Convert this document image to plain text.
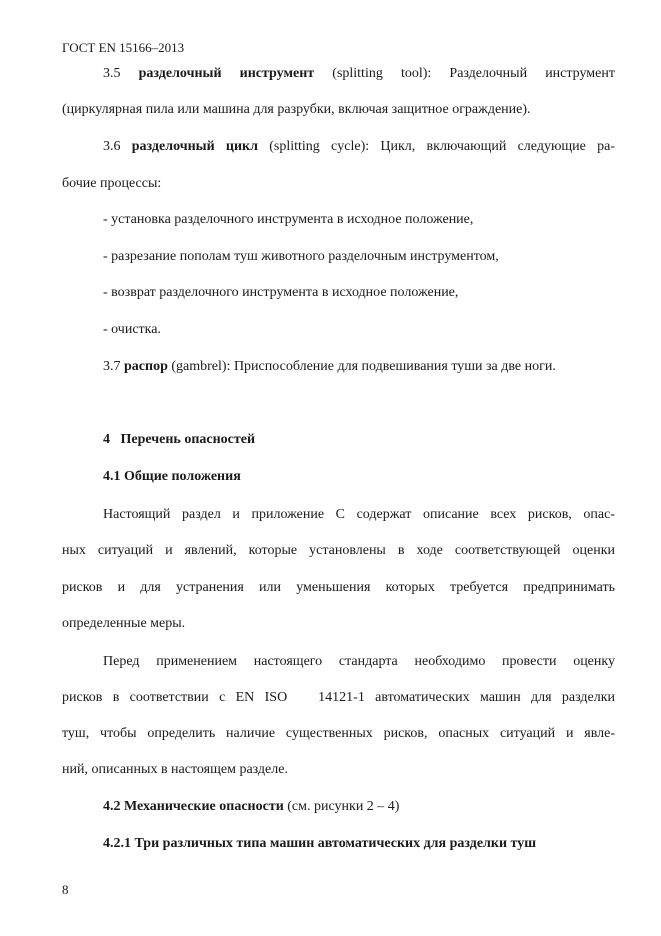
ГОСТ EN 15166–2013
3.5 разделочный инструмент (splitting tool): Разделочный инструмент
(циркулярная пила или машина для разрубки, включая защитное ограждение).
3.6 разделочный цикл (splitting cycle): Цикл, включающий следующие ра-
бочие процессы:
- установка разделочного инструмента в исходное положение,
- разрезание пополам туш животного разделочным инструментом,
- возврат разделочного инструмента в исходное положение,
- очистка.
3.7 распор (gambrel): Приспособление для подвешивания туши за две ноги.
4   Перечень опасностей
4.1 Общие положения
Настоящий раздел и приложение C содержат описание всех рисков, опас-
ных ситуаций и явлений, которые установлены в ходе соответствующей оценки
рисков и для устранения или уменьшения которых требуется предпринимать
определенные меры.
Перед применением настоящего стандарта необходимо провести оценку
рисков в соответствии с EN ISO   14121-1 автоматических машин для разделки
туш, чтобы определить наличие существенных рисков, опасных ситуаций и явле-
ний, описанных в настоящем разделе.
4.2 Механические опасности (см. рисунки 2 – 4)
4.2.1 Три различных типа машин автоматических для разделки туш
8
